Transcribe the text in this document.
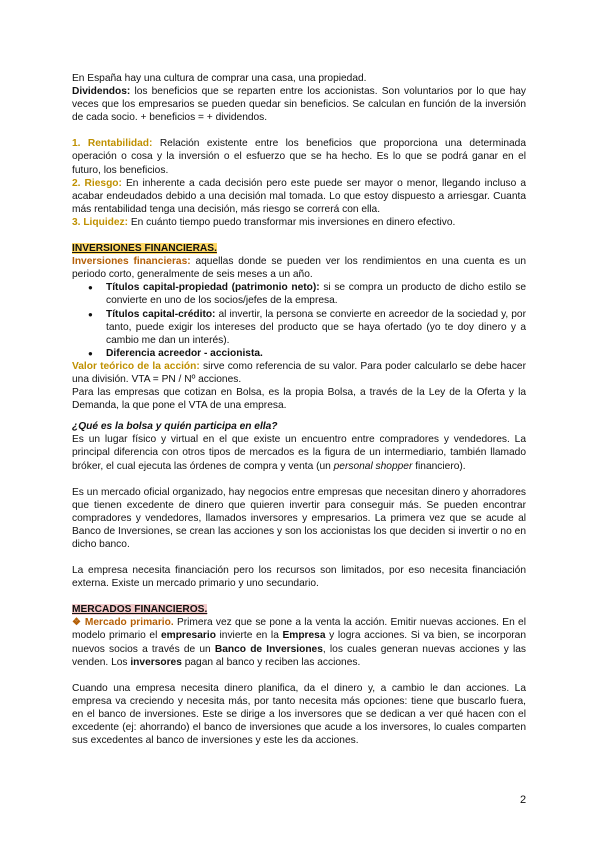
En España hay una cultura de comprar una casa, una propiedad.
Dividendos: los beneficios que se reparten entre los accionistas. Son voluntarios por lo que hay veces que los empresarios se pueden quedar sin beneficios. Se calculan en función de la inversión de cada socio. + beneficios = + dividendos.

1. Rentabilidad: Relación existente entre los beneficios que proporciona una determinada operación o cosa y la inversión o el esfuerzo que se ha hecho. Es lo que se podrá ganar en el futuro, los beneficios.

2. Riesgo: En inherente a cada decisión pero este puede ser mayor o menor, llegando incluso a acabar endeudados debido a una decisión mal tomada. Lo que estoy dispuesto a arriesgar. Cuanta más rentabilidad tenga una decisión, más riesgo se correrá con ella.

3. Liquidez: En cuánto tiempo puedo transformar mis inversiones en dinero efectivo.

INVERSIONES FINANCIERAS.

Inversiones financieras: aquellas donde se pueden ver los rendimientos en una cuenta es un periodo corto, generalmente de seis meses a un año.

● Títulos capital-propiedad (patrimonio neto): si se compra un producto de dicho estilo se convierte en uno de los socios/jefes de la empresa.
● Títulos capital-crédito: al invertir, la persona se convierte en acreedor de la sociedad y, por tanto, puede exigir los intereses del producto que se haya ofertado (yo te doy dinero y a cambio me dan un interés).
● Diferencia acreedor - accionista.

Valor teórico de la acción: sirve como referencia de su valor. Para poder calcularlo se debe hacer una división. VTA = PN / Nº acciones.

Para las empresas que cotizan en Bolsa, es la propia Bolsa, a través de la Ley de la Oferta y la Demanda, la que pone el VTA de una empresa.

¿Qué es la bolsa y quién participa en ella?

Es un lugar físico y virtual en el que existe un encuentro entre compradores y vendedores. La principal diferencia con otros tipos de mercados es la figura de un intermediario, también llamado bróker, el cual ejecuta las órdenes de compra y venta (un personal shopper financiero).

Es un mercado oficial organizado, hay negocios entre empresas que necesitan dinero y ahorradores que tienen excedente de dinero que quieren invertir para conseguir más. Se pueden encontrar compradores y vendedores, llamados inversores y empresarios. La primera vez que se acude al Banco de Inversiones, se crean las acciones y son los accionistas los que deciden si invertir o no en dicho banco.

La empresa necesita financiación pero los recursos son limitados, por eso necesita financiación externa. Existe un mercado primario y uno secundario.

MERCADOS FINANCIEROS.

❖ Mercado primario. Primera vez que se pone a la venta la acción. Emitir nuevas acciones. En el modelo primario el empresario invierte en la Empresa y logra acciones. Si va bien, se incorporan nuevos socios a través de un Banco de Inversiones, los cuales generan nuevas acciones y las venden. Los inversores pagan al banco y reciben las acciones.

Cuando una empresa necesita dinero planifica, da el dinero y, a cambio le dan acciones. La empresa va creciendo y necesita más, por tanto necesita más opciones: tiene que buscarlo fuera, en el banco de inversiones. Este se dirige a los inversores que se dedican a ver qué hacen con el excedente (ej: ahorrando) el banco de inversiones que acude a los inversores, lo cuales comparten sus excedentes al banco de inversiones y este les da acciones.

2
